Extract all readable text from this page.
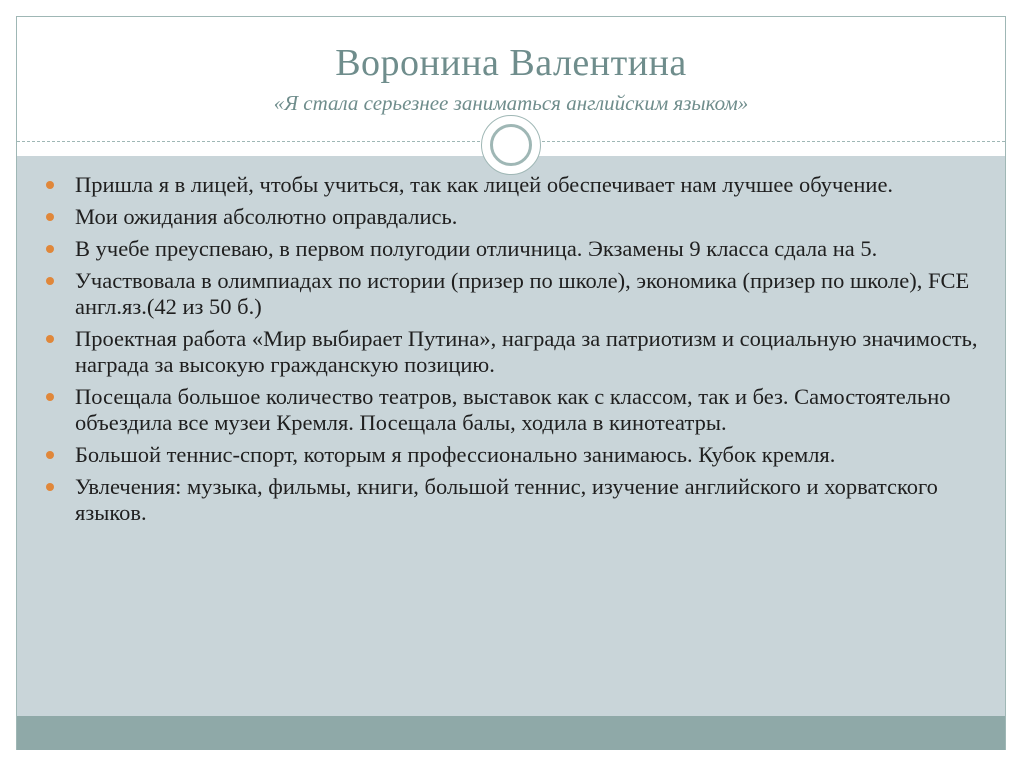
Воронина Валентина
«Я стала серьезнее заниматься английским языком»
Пришла я в лицей, чтобы учиться, так как лицей обеспечивает нам лучшее обучение.
Мои ожидания абсолютно оправдались.
В учебе преуспеваю, в первом полугодии отличница. Экзамены 9 класса сдала на 5.
Участвовала в олимпиадах по истории (призер по школе), экономика (призер по школе), FCE англ.яз.(42 из 50 б.)
Проектная работа «Мир выбирает Путина», награда за патриотизм и социальную значимость, награда за высокую гражданскую позицию.
Посещала большое количество театров, выставок как с классом, так и без. Самостоятельно объездила все музеи Кремля. Посещала балы, ходила в кинотеатры.
Большой теннис-спорт, которым я профессионально занимаюсь. Кубок кремля.
Увлечения: музыка, фильмы, книги, большой теннис, изучение английского и хорватского языков.
